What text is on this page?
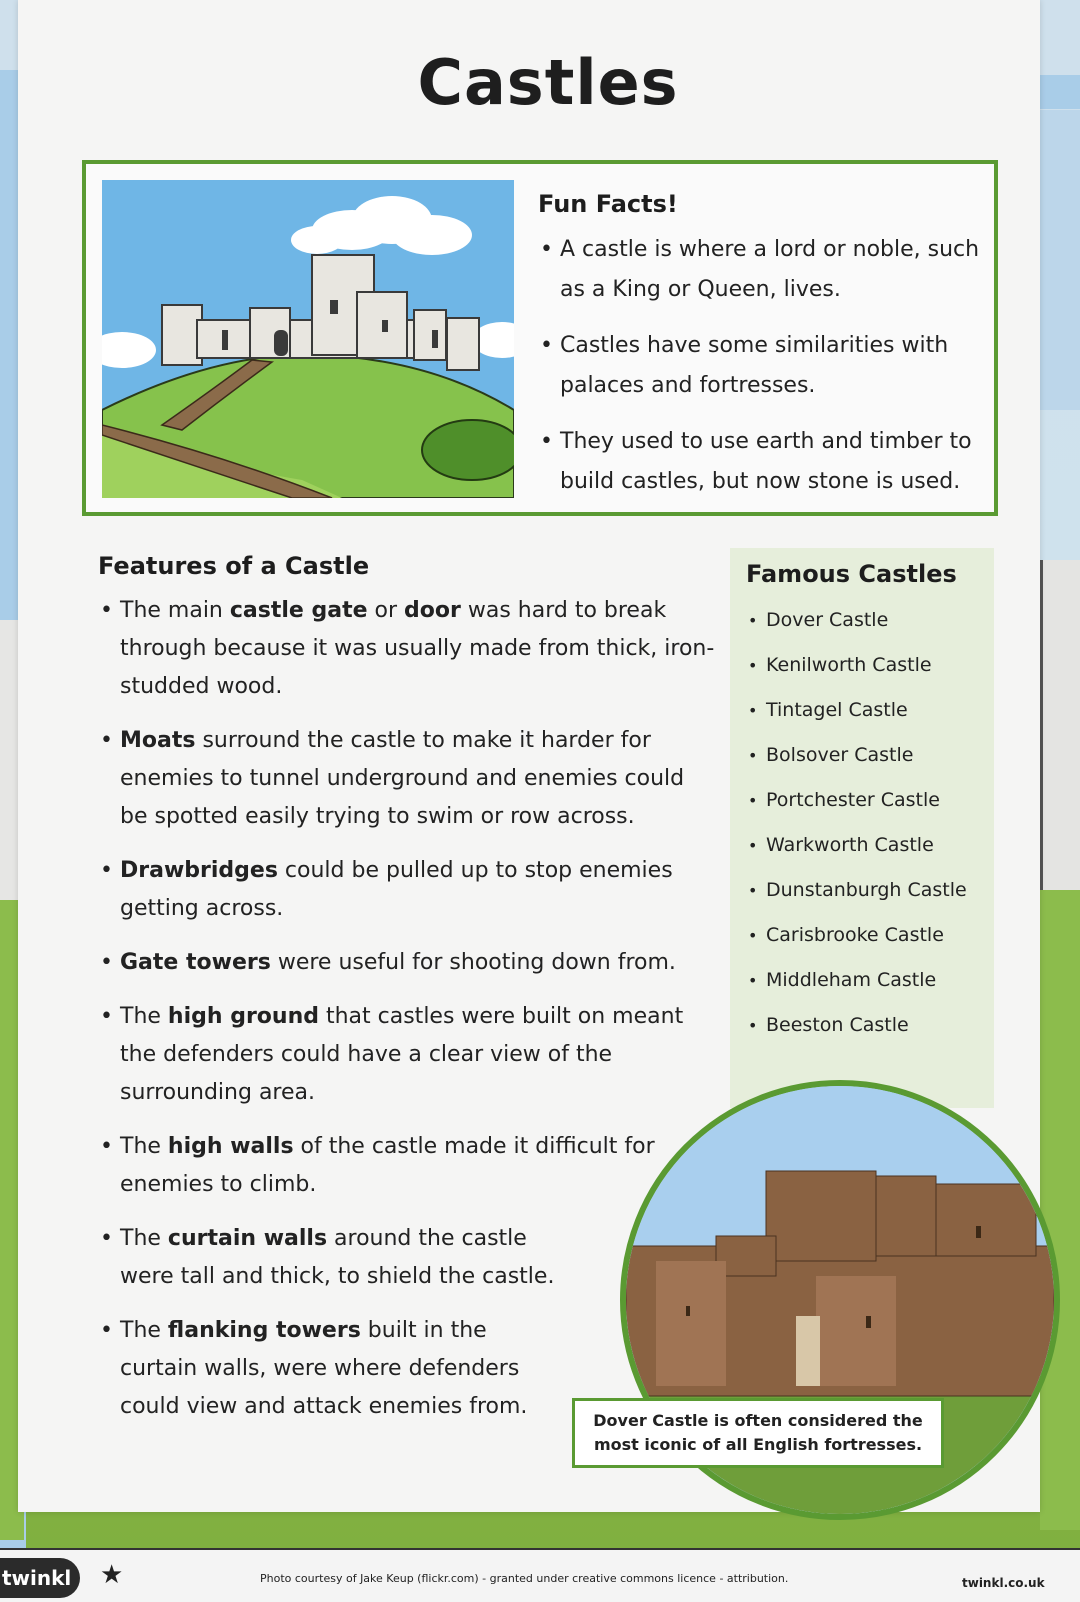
Castles
Fun Facts!
• A castle is where a lord or noble, such as a King or Queen, lives.
• Castles have some similarities with palaces and fortresses.
• They used to use earth and timber to build castles, but now stone is used.
Features of a Castle
• The main castle gate or door was hard to break through because it was usually made from thick, iron-studded wood.
• Moats surround the castle to make it harder for enemies to tunnel underground and enemies could be spotted easily trying to swim or row across.
• Drawbridges could be pulled up to stop enemies getting across.
• Gate towers were useful for shooting down from.
• The high ground that castles were built on meant the defenders could have a clear view of the surrounding area.
• The high walls of the castle made it difficult for enemies to climb.
• The curtain walls around the castle were tall and thick, to shield the castle.
• The flanking towers built in the curtain walls, were where defenders could view and attack enemies from.
Famous Castles
• Dover Castle
• Kenilworth Castle
• Tintagel Castle
• Bolsover Castle
• Portchester Castle
• Warkworth Castle
• Dunstanburgh Castle
• Carisbrooke Castle
• Middleham Castle
• Beeston Castle
Dover Castle is often considered the most iconic of all English fortresses.
twinkl	★	Photo courtesy of Jake Keup (flickr.com) - granted under creative commons licence - attribution.	twinkl.co.uk
